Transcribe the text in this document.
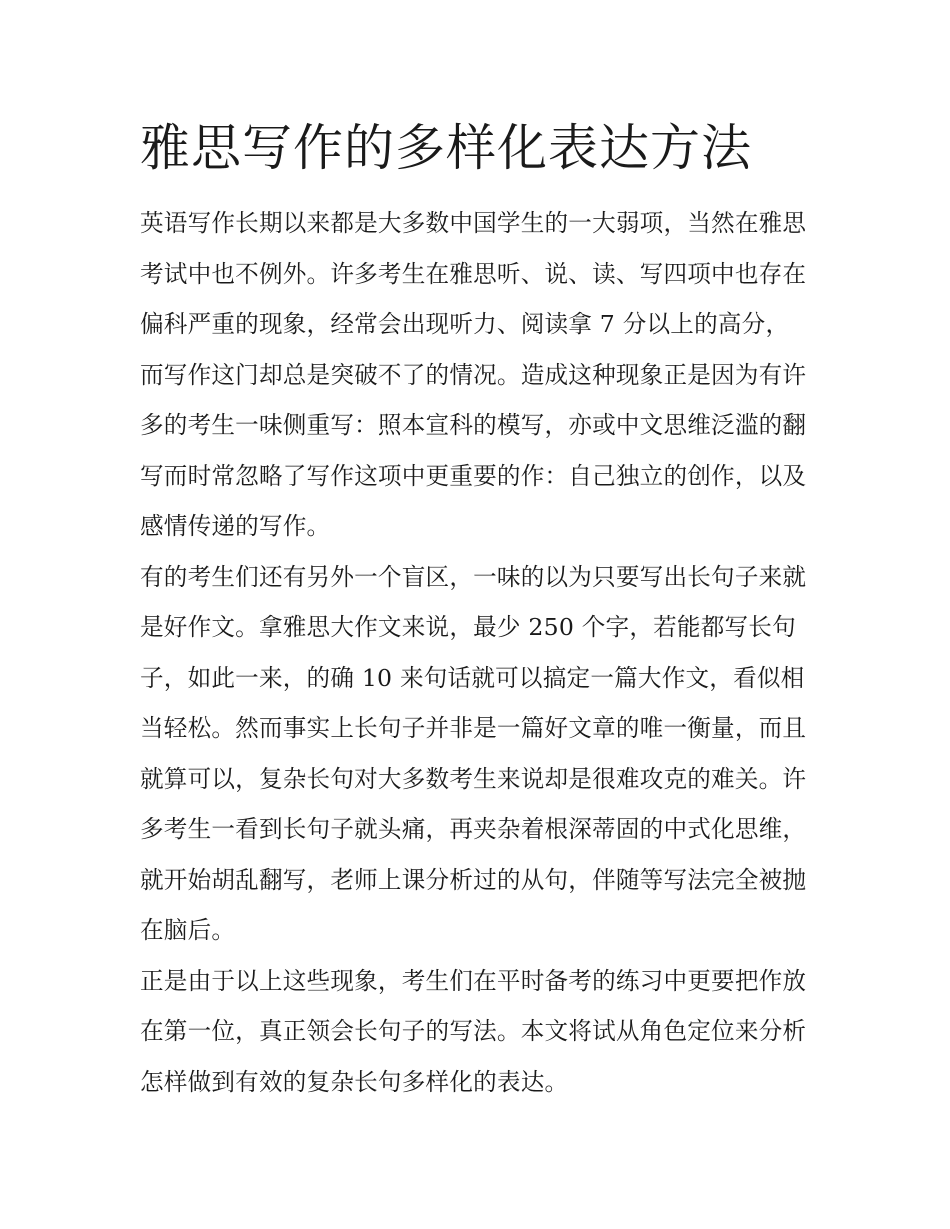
雅思写作的多样化表达方法

英语写作长期以来都是大多数中国学生的一大弱项，当然在雅思考试中也不例外。许多考生在雅思听、说、读、写四项中也存在偏科严重的现象，经常会出现听力、阅读拿 7 分以上的高分，而写作这门却总是突破不了的情况。造成这种现象正是因为有许多的考生一味侧重写：照本宣科的模写，亦或中文思维泛滥的翻写而时常忽略了写作这项中更重要的作：自己独立的创作，以及感情传递的写作。

有的考生们还有另外一个盲区，一味的以为只要写出长句子来就是好作文。拿雅思大作文来说，最少 250 个字，若能都写长句子，如此一来，的确 10 来句话就可以搞定一篇大作文，看似相当轻松。然而事实上长句子并非是一篇好文章的唯一衡量，而且就算可以，复杂长句对大多数考生来说却是很难攻克的难关。许多考生一看到长句子就头痛，再夹杂着根深蒂固的中式化思维，就开始胡乱翻写，老师上课分析过的从句，伴随等写法完全被抛在脑后。

正是由于以上这些现象，考生们在平时备考的练习中更要把作放在第一位，真正领会长句子的写法。本文将试从角色定位来分析怎样做到有效的复杂长句多样化的表达。
